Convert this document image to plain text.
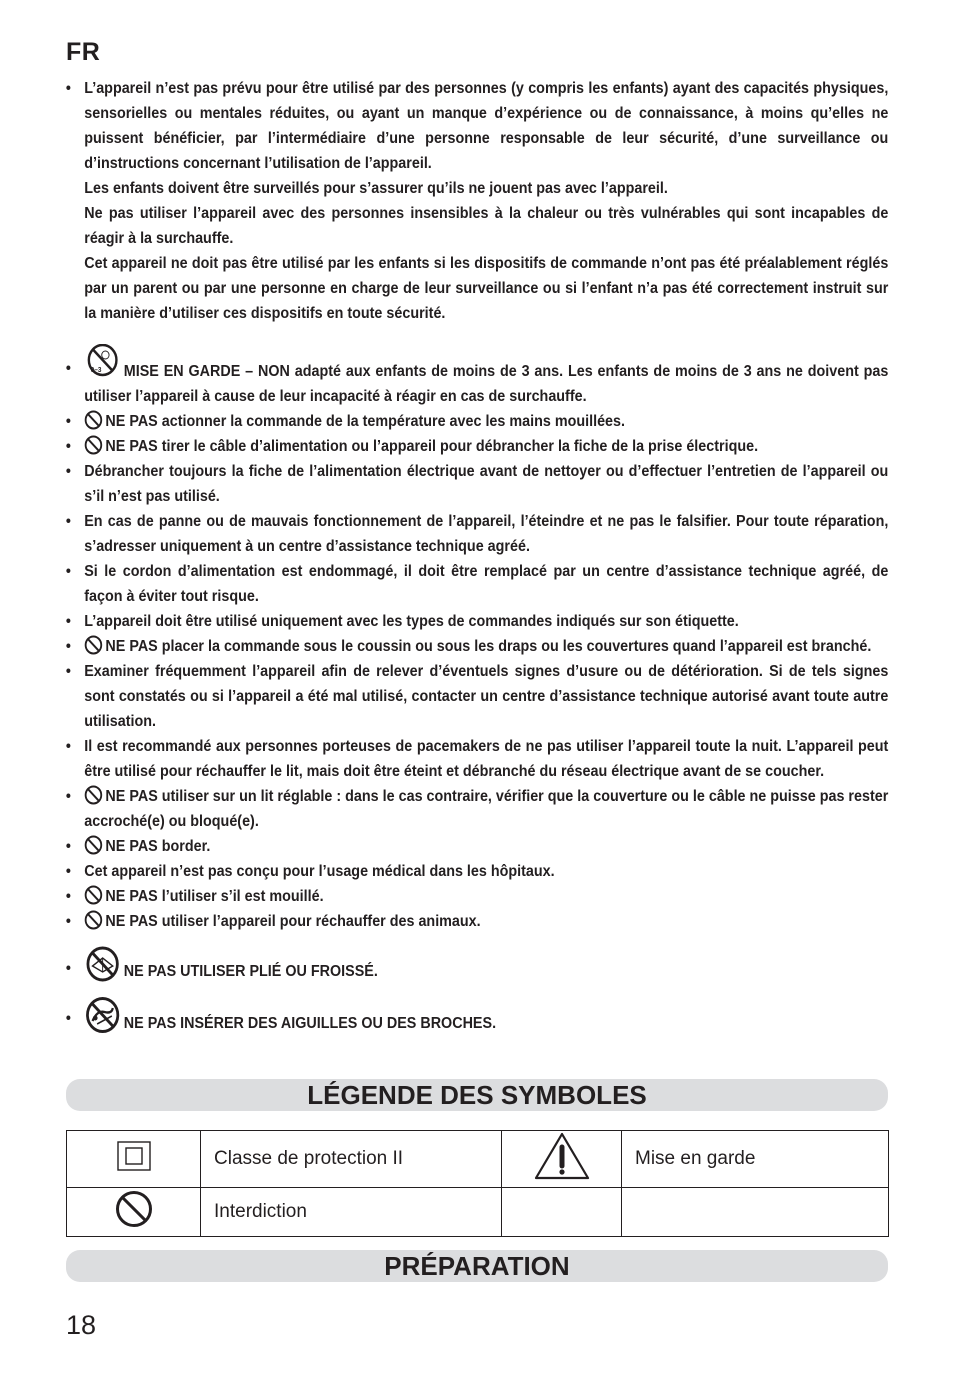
FR
• L’appareil n’est pas prévu pour être utilisé par des personnes (y compris les enfants) ayant des capacités physiques, sensorielles ou mentales réduites, ou ayant un manque d’expérience ou de connaissance, à moins qu’elles ne puissent bénéficier, par l’intermédiaire d’une personne responsable de leur sécurité, d’une surveillance ou d’instructions concernant l’utilisation de l’appareil.

Les enfants doivent être surveillés pour s’assurer qu’ils ne jouent pas avec l’appareil.

Ne pas utiliser l’appareil avec des personnes insensibles à la chaleur ou très vulnérables qui sont incapables de réagir à la surchauffe.

Cet appareil ne doit pas être utilisé par les enfants si les dispositifs de commande n’ont pas été préalablement réglés par un parent ou par une personne en charge de leur surveillance ou si l’enfant n’a pas été correctement instruit sur la manière d’utiliser ces dispositifs en toute sécurité.

•	0–3 MISE EN GARDE – NON adapté aux enfants de moins de 3 ans. Les enfants de moins de 3 ans ne doivent pas utiliser l’appareil à cause de leur incapacité à réagir en cas de surchauffe.

• NE PAS actionner la commande de la température avec les mains mouillées.
• NE PAS tirer le câble d’alimentation ou l’appareil pour débrancher la fiche de la prise électrique.
• Débrancher toujours la fiche de l’alimentation électrique avant de nettoyer ou d’effectuer l’entretien de l’appareil ou s’il n’est pas utilisé.
• En cas de panne ou de mauvais fonctionnement de l’appareil, l’éteindre et ne pas le falsifier. Pour toute réparation, s’adresser uniquement à un centre d’assistance technique agréé.
• Si le cordon d’alimentation est endommagé, il doit être remplacé par un centre d’assistance technique agréé, de façon à éviter tout risque.
• L’appareil doit être utilisé uniquement avec les types de commandes indiqués sur son étiquette.
• NE PAS placer la commande sous le coussin ou sous les draps ou les couvertures quand l’appareil est branché.
• Examiner fréquemment l’appareil afin de relever d’éventuels signes d’usure ou de détérioration. Si de tels signes sont constatés ou si l’appareil a été mal utilisé, contacter un centre d’assistance technique autorisé avant toute autre utilisation.
• Il est recommandé aux personnes porteuses de pacemakers de ne pas utiliser l’appareil toute la nuit. L’appareil peut être utilisé pour réchauffer le lit, mais doit être éteint et débranché du réseau électrique avant de se coucher.
• NE PAS utiliser sur un lit réglable : dans le cas contraire, vérifier que la couverture ou le câble ne puisse pas rester accroché(e) ou bloqué(e).
• NE PAS border.
• Cet appareil n’est pas conçu pour l’usage médical dans les hôpitaux.
• NE PAS l’utiliser s’il est mouillé.
• NE PAS utiliser l’appareil pour réchauffer des animaux.
•	NE PAS UTILISER PLIÉ OU FROISSÉ.
•	NE PAS INSÉRER DES AIGUILLES OU DES BROCHES.
LÉGENDE DES SYMBOLES
	Classe de protection II		Mise en garde
	Interdiction		
PRÉPARATION
18
